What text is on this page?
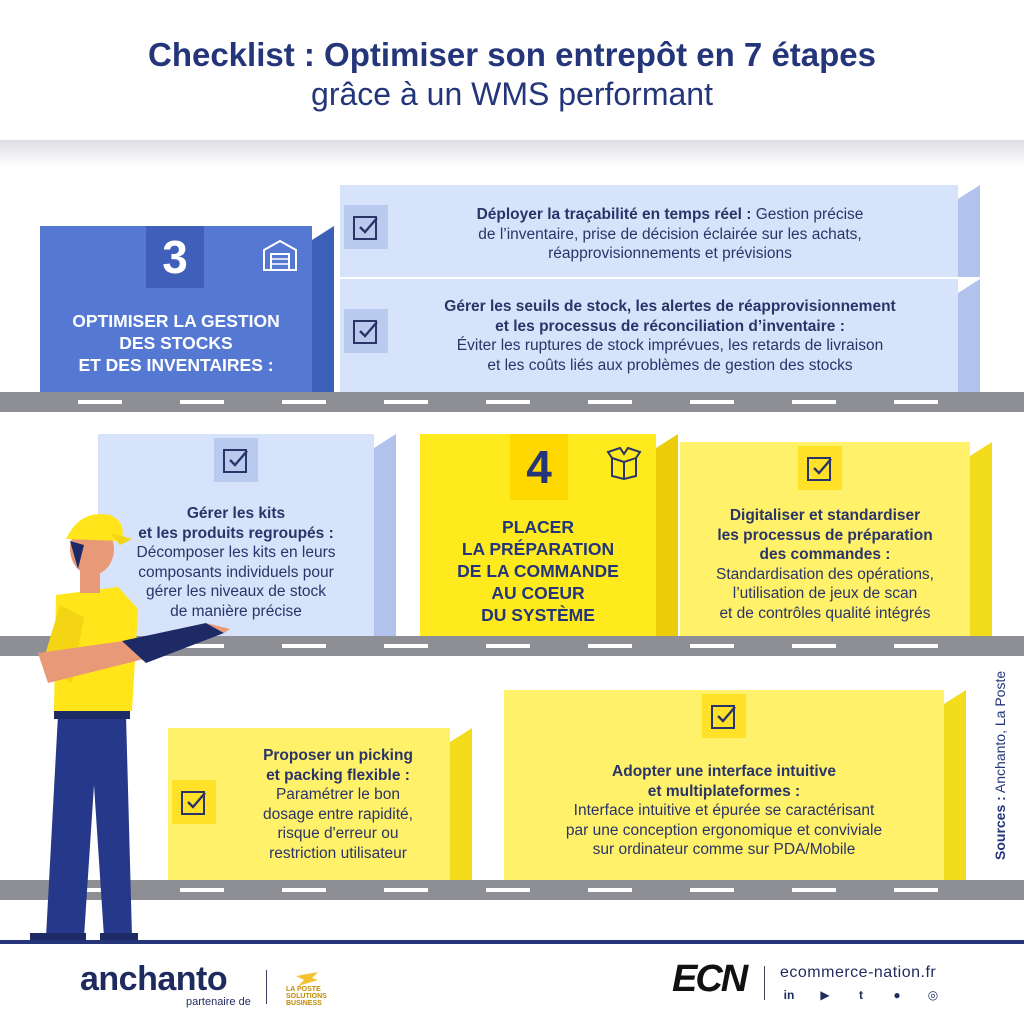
Checklist : Optimiser son entrepôt en 7 étapes
grâce à un WMS performant
3
OPTIMISER LA GESTION
DES STOCKS
ET DES INVENTAIRES :
Déployer la traçabilité en temps réel : Gestion précise
de l’inventaire, prise de décision éclairée sur les achats,
réapprovisionnements et prévisions
Gérer les seuils de stock, les alertes de réapprovisionnement
et les processus de réconciliation d’inventaire :
Éviter les ruptures de stock imprévues, les retards de livraison
et les coûts liés aux problèmes de gestion des stocks
Gérer les kits
et les produits regroupés :
Décomposer les kits en leurs
composants individuels pour
gérer les niveaux de stock
de manière précise
4
PLACER
LA PRÉPARATION
DE LA COMMANDE
AU COEUR
DU SYSTÈME
Digitaliser et standardiser
les processus de préparation
des commandes :
Standardisation des opérations,
l’utilisation de jeux de scan
et de contrôles qualité intégrés
Proposer un picking
et packing flexible :
Paramétrer le bon
dosage entre rapidité,
risque d'erreur ou
restriction utilisateur
Adopter une interface intuitive
et multiplateformes :
Interface intuitive et épurée se caractérisant
par une conception ergonomique et conviviale
sur ordinateur comme sur PDA/Mobile	Sources : Anchanto, La Poste
anchanto
partenaire de
LA POSTE SOLUTIONS BUSINESS
ECN ecommerce-nation.fr
in	▶	t	●	◎
